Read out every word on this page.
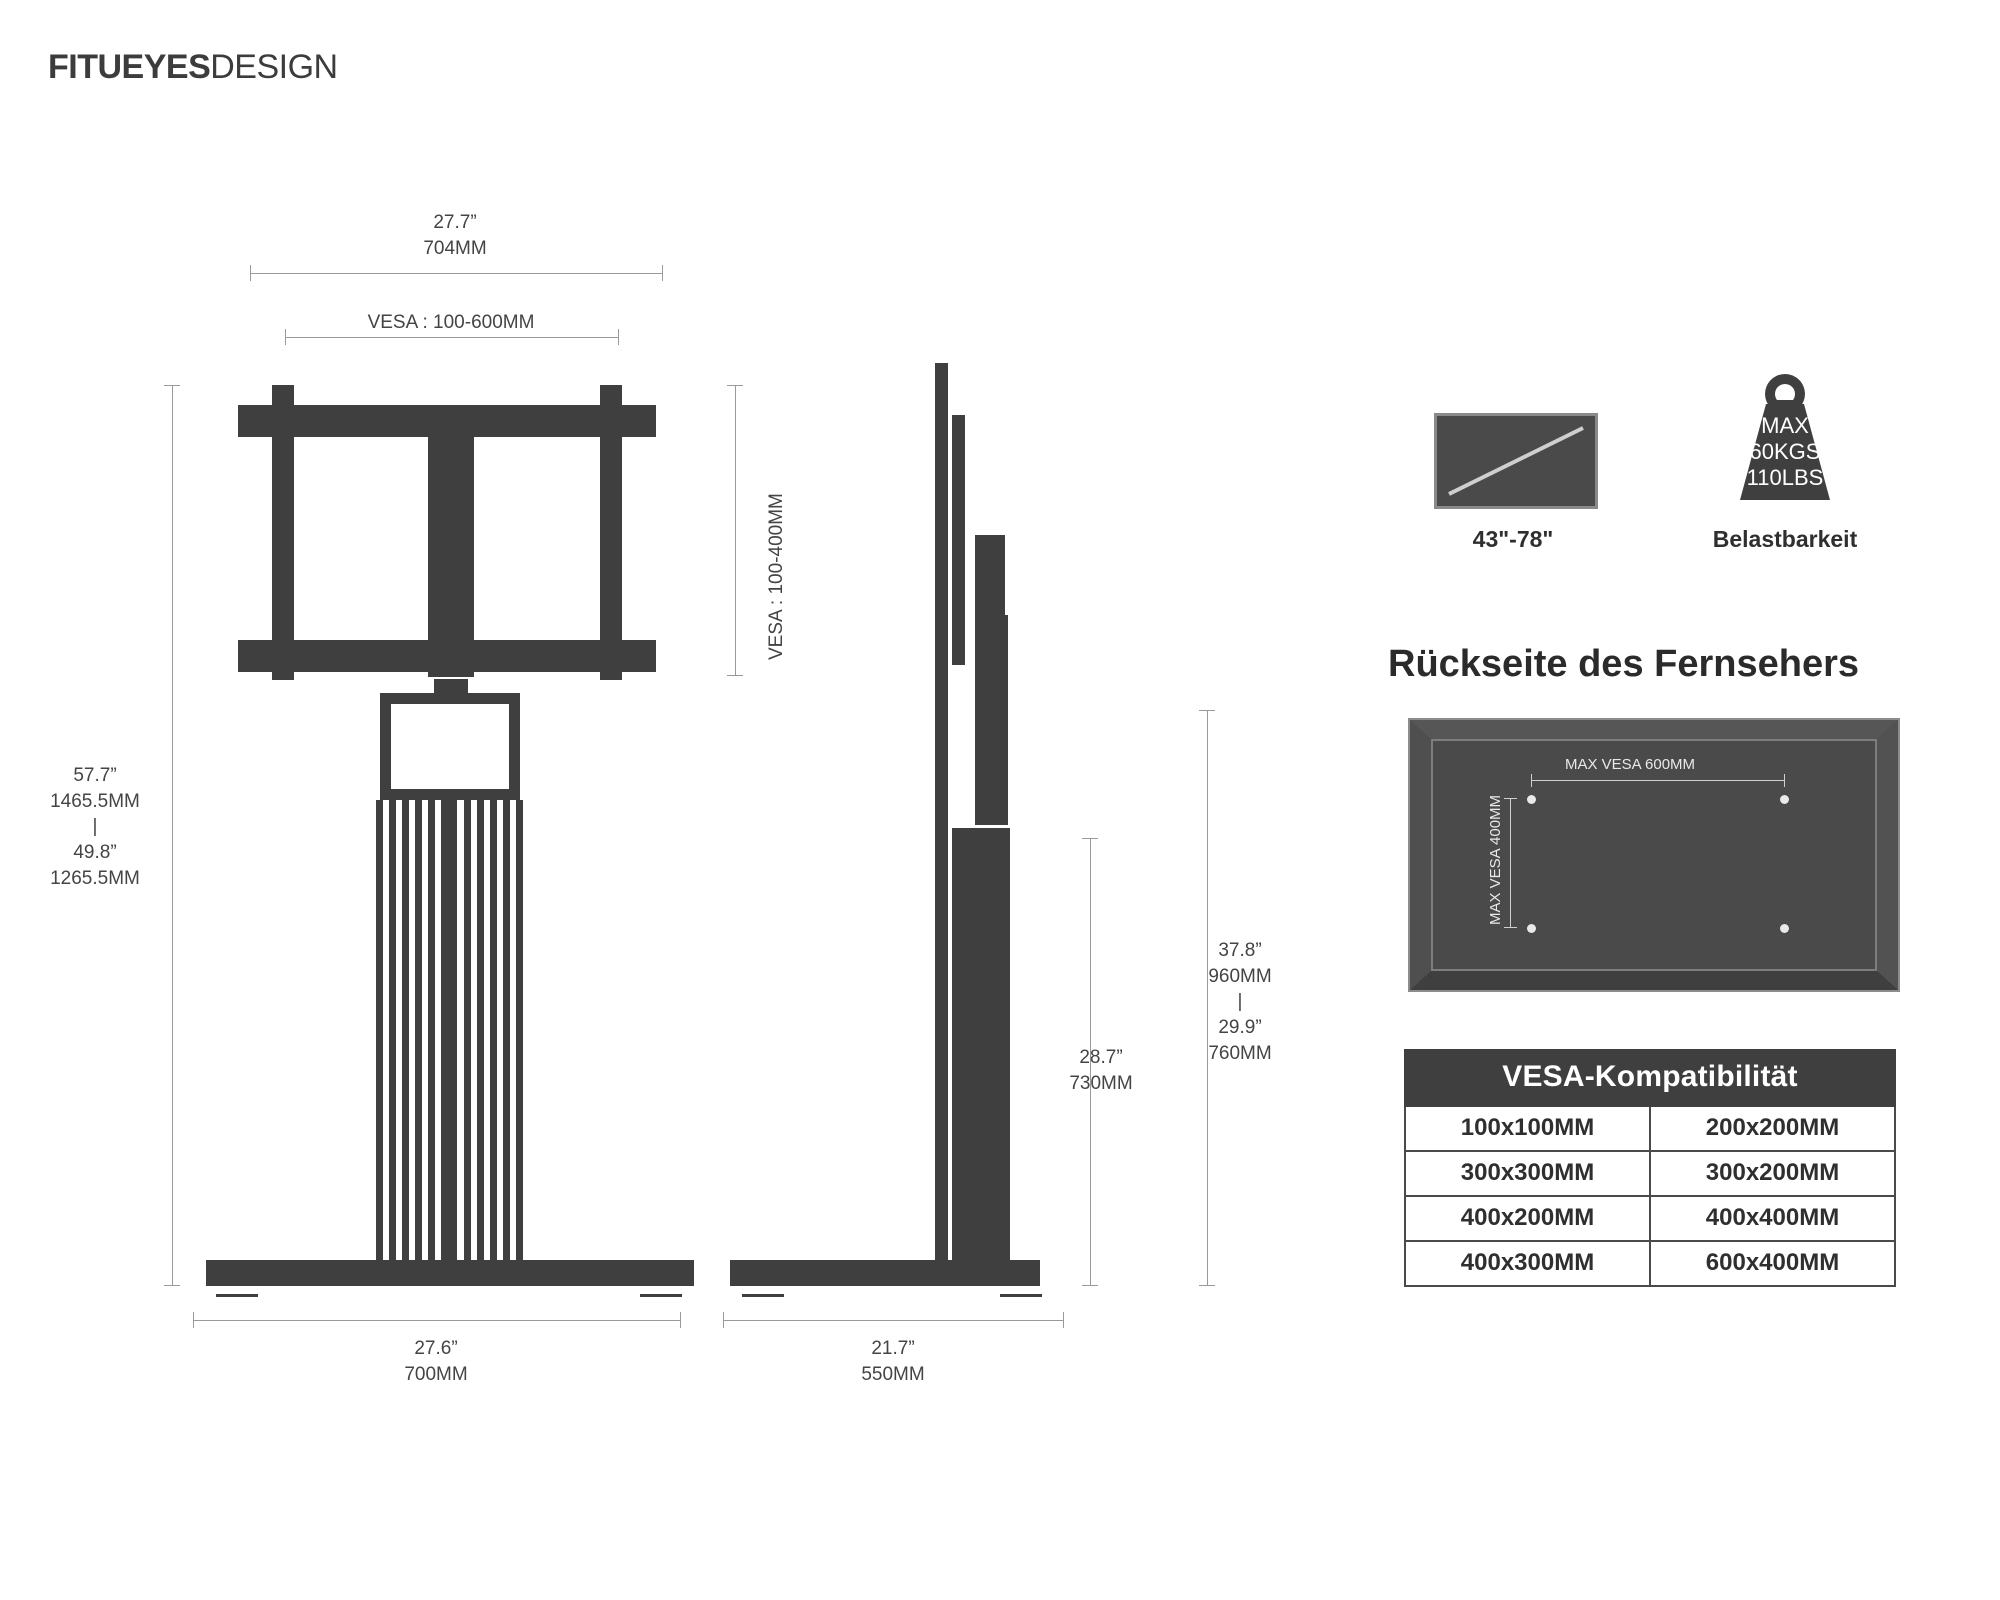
FITUEYESDESIGN
27.7”
704MM
VESA : 100-600MM
VESA : 100-400MM
57.7”
1465.5MM
|
49.8”
1265.5MM
27.6”
700MM
28.7”
730MM
37.8”
960MM
|
29.9”
760MM
21.7”
550MM
43"-78"
MAX
60KGS
110LBS
Belastbarkeit
Rückseite des Fernsehers
MAX VESA 600MM
MAX VESA 400MM
VESA-Kompatibilität	
100x100MM	200x200MM
300x300MM	300x200MM
400x200MM	400x400MM
400x300MM	600x400MM
